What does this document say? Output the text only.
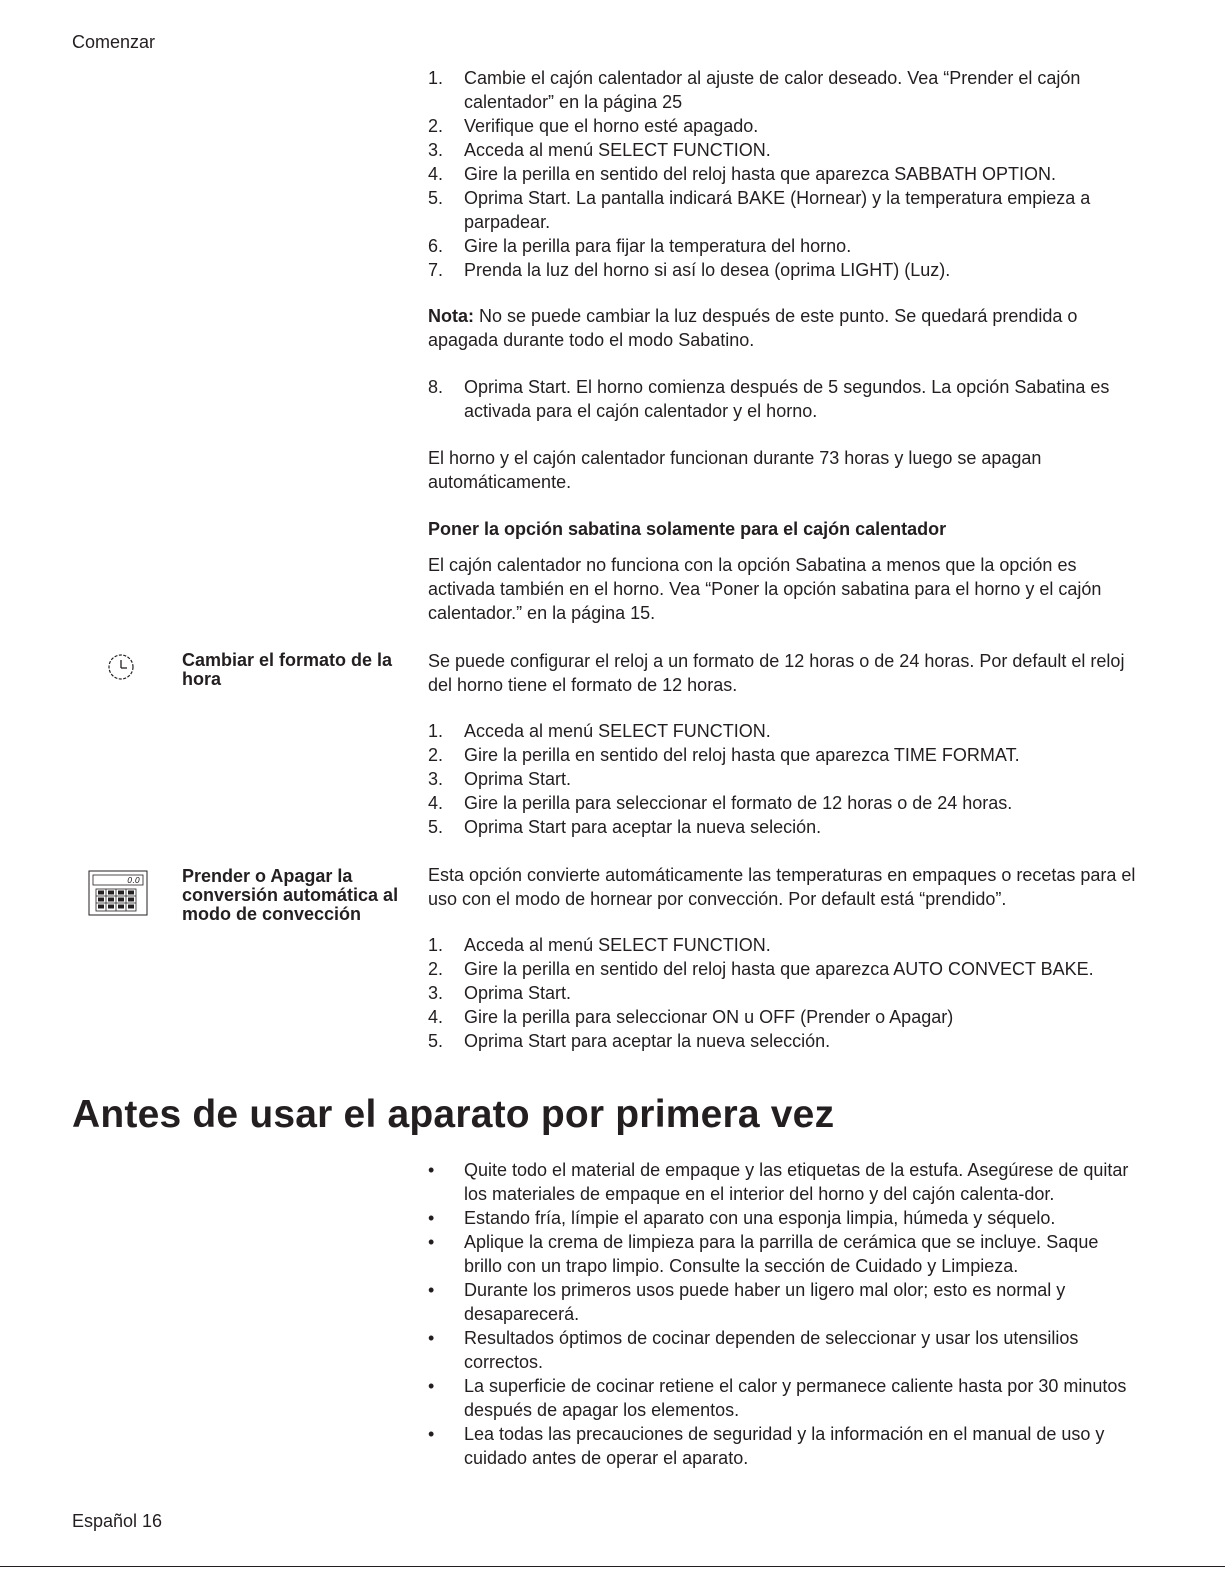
Comenzar
1. Cambie el cajón calentador al ajuste de calor deseado. Vea “Prender el cajón calentador” en la página 25
2. Verifique que el horno esté apagado.
3. Acceda al menú SELECT FUNCTION.
4. Gire la perilla en sentido del reloj hasta que aparezca SABBATH OPTION.
5. Oprima Start. La pantalla indicará BAKE (Hornear) y la temperatura empieza a parpadear.
6. Gire la perilla para fijar la temperatura del horno.
7. Prenda la luz del horno si así lo desea (oprima LIGHT) (Luz).

Nota: No se puede cambiar la luz después de este punto. Se quedará prendida o apagada durante todo el modo Sabatino.

8. Oprima Start. El horno comienza después de 5 segundos. La opción Sabatina es activada para el cajón calentador y el horno.

El horno y el cajón calentador funcionan durante 73 horas y luego se apagan automáticamente.

Poner la opción sabatina solamente para el cajón calentador

El cajón calentador no funciona con la opción Sabatina a menos que la opción es activada también en el horno. Vea “Poner la opción sabatina para el horno y el cajón calentador.” en la página 15.

Cambiar el formato de la hora

Se puede configurar el reloj a un formato de 12 horas o de 24 horas. Por default el reloj del horno tiene el formato de 12 horas.

1. Acceda al menú SELECT FUNCTION.
2. Gire la perilla en sentido del reloj hasta que aparezca TIME FORMAT.
3. Oprima Start.
4. Gire la perilla para seleccionar el formato de 12 horas o de 24 horas.
5. Oprima Start para aceptar la nueva seleción.
0.0 Prender o Apagar la conversión automática al modo de convección

Esta opción convierte automáticamente las temperaturas en empaques o recetas para el uso con el modo de hornear por convección. Por default está “prendido”.

1. Acceda al menú SELECT FUNCTION.
2. Gire la perilla en sentido del reloj hasta que aparezca AUTO CONVECT BAKE.
3. Oprima Start.
4. Gire la perilla para seleccionar ON u OFF (Prender o Apagar)
5. Oprima Start para aceptar la nueva selección.
Antes de usar el aparato por primera vez
• Quite todo el material de empaque y las etiquetas de la estufa. Asegúrese de quitar los materiales de empaque en el interior del horno y del cajón calenta-dor.
• Estando fría, límpie el aparato con una esponja limpia, húmeda y séquelo.
• Aplique la crema de limpieza para la parrilla de cerámica que se incluye. Saque brillo con un trapo limpio. Consulte la sección de Cuidado y Limpieza.
• Durante los primeros usos puede haber un ligero mal olor; esto es normal y desaparecerá.
• Resultados óptimos de cocinar dependen de seleccionar y usar los utensilios correctos.
• La superficie de cocinar retiene el calor y permanece caliente hasta por 30 minutos después de apagar los elementos.
• Lea todas las precauciones de seguridad y la información en el manual de uso y cuidado antes de operar el aparato.
Español 16
